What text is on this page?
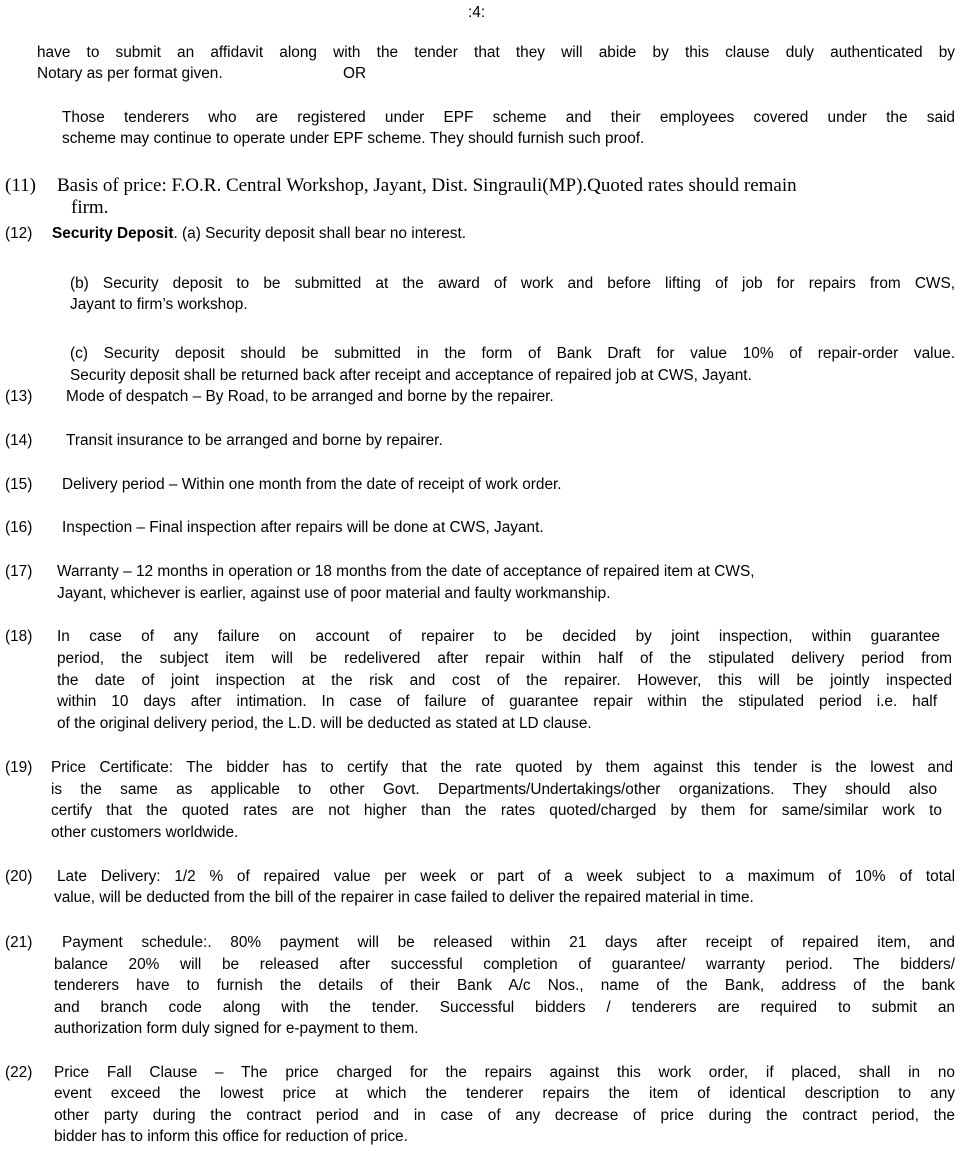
:4:
have to submit an affidavit along with the tender that they will abide by this clause duly authenticated by
Notary as per format given.	OR
Those tenderers who are registered under EPF scheme and their employees covered under the said
scheme may continue to operate under EPF scheme. They should furnish such proof.
(11) Basis of price: F.O.R. Central Workshop, Jayant, Dist. Singrauli(MP).Quoted rates should remain
firm.
(12) Security Deposit. (a) Security deposit shall bear no interest.
(b) Security deposit to be submitted at the award of work and before lifting of job for repairs from CWS,
Jayant to firm’s workshop.
(c) Security deposit should be submitted in the form of Bank Draft for value 10% of repair-order value.
Security deposit shall be returned back after receipt and acceptance of repaired job at CWS, Jayant.
(13) Mode of despatch – By Road, to be arranged and borne by the repairer.
(14) Transit insurance to be arranged and borne by repairer.
(15) Delivery period – Within one month from the date of receipt of work order.
(16) Inspection – Final inspection after repairs will be done at CWS, Jayant.
(17) Warranty – 12 months in operation or 18 months from the date of acceptance of repaired item at CWS,
Jayant, whichever is earlier, against use of poor material and faulty workmanship.
(18) In case of any failure on account of repairer to be decided by joint inspection, within guarantee
period, the subject item will be redelivered after repair within half of the stipulated delivery period from
the date of joint inspection at the risk and cost of the repairer. However, this will be jointly inspected
within 10 days after intimation. In case of failure of guarantee repair within the stipulated period i.e. half
of the original delivery period, the L.D. will be deducted as stated at LD clause.
(19) Price Certificate: The bidder has to certify that the rate quoted by them against this tender is the lowest and
is the same as applicable to other Govt. Departments/Undertakings/other organizations. They should also
certify that the quoted rates are not higher than the rates quoted/charged by them for same/similar work to
other customers worldwide.
(20) Late Delivery: 1/2 % of repaired value per week or part of a week subject to a maximum of 10% of total
value, will be deducted from the bill of the repairer in case failed to deliver the repaired material in time.
(21) Payment schedule:. 80% payment will be released within 21 days after receipt of repaired item, and
balance 20% will be released after successful completion of guarantee/ warranty period. The bidders/
tenderers have to furnish the details of their Bank A/c Nos., name of the Bank, address of the bank
and branch code along with the tender. Successful bidders / tenderers are required to submit an
authorization form duly signed for e-payment to them.
(22) Price Fall Clause – The price charged for the repairs against this work order, if placed, shall in no
event exceed the lowest price at which the tenderer repairs the item of identical description to any
other party during the contract period and in case of any decrease of price during the contract period, the
bidder has to inform this office for reduction of price.
